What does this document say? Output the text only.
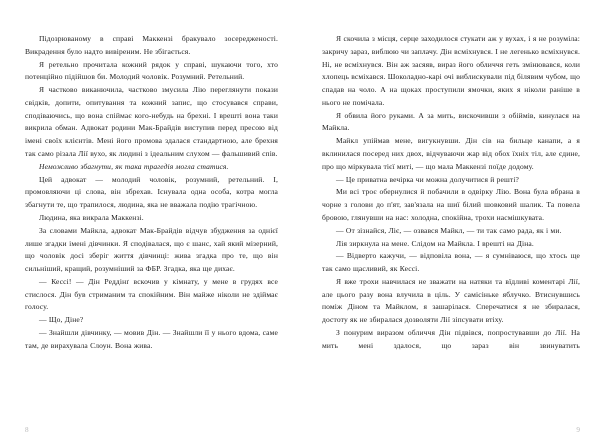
Підозрюваному в справі Маккензі бракувало зосередженості. Викрадення було надто вивіреним. Не збігається.

Я ретельно прочитала кожний рядок у справі, шукаючи того, хто потенційно підійшов би. Молодий чоловік. Розумний. Ретельний.

Я частково виканючила, частково змусила Лію переглянути покази свідків, допити, опитування та кожний запис, що стосувався справи, сподіваючись, що вона спіймає кого-небудь на брехні. І врешті вона таки викрила обман. Адвокат родини Мак-Брайдів виступив перед пресою від імені своїх клієнтів. Мені його промова здалася стандартною, але брехня так само різала Лії вухо, як людині з ідеальним слухом — фальшивий спів.

Неможливо збагнути, як така трагедія могла статися.

Цей адвокат — молодий чоловік, розумний, ретельний. І, промовляючи ці слова, він збрехав. Існувала одна особа, котра могла збагнути те, що трапилося, людина, яка не вважала подію трагічною.

Людина, яка викрала Маккензі.

За словами Майкла, адвокат Мак-Брайдів відчув збудження за однієї лише згадки імені дівчинки. Я сподівалася, що є шанс, хай який мізерний, що чоловік досі зберіг життя дівчинці: жива згадка про те, що він сильніший, кращий, розумніший за ФБР. Згадка, яка ще дихає.

— Кессі! — Дін Реддінґ вскочив у кімнату, у мене в грудях все стислося. Дін був стриманим та спокійним. Він майже ніколи не здіймає голосу.

— Що, Діне?

— Знайшли дівчинку, — мовив Дін. — Знайшли її у нього вдома, саме там, де вирахувала Слоун. Вона жива.

8

Я скочила з місця, серце заходилося стукати аж у вухах, і я не розуміла: закричу зараз, виблюю чи заплачу. Дін всміхнувся. І не легенько всміхнувся. Ні, не всміхнувся. Він аж засяяв, вираз його обличчя геть змінювався, коли хлопець всміхався. Шоколадно-карі очі виблискували під білявим чубом, що спадав на чоло. А на щоках проступили ямочки, яких я ніколи раніше в нього не помічала.

Я обвила його руками. А за мить, вискочивши з обіймів, кинулася на Майкла.

Майкл упіймав мене, вигукнувши. Дін сів на бильце канапи, а я вклинилася посеред них двох, відчуваючи жар від обох їхніх тіл, але єдине, про що міркувала тієї миті, — що мала Маккензі поїде додому.

— Це приватна вечірка чи можна долучитися й решті?

Ми всі троє обернулися й побачили в одвірку Лію. Вона була вбрана в чорне з голови до п'ят, зав'язала на шиї білий шовковий шалик. Та повела бровою, глянувши на нас: холодна, спокійна, трохи насмішкувата.

— От зізнайся, Ліє, — озвався Майкл, — ти так само рада, як і ми.

Лія зиркнула на мене. Слідом на Майкла. І врешті на Діна.

— Відверто кажучи, — відповіла вона, — я сумніваюся, що хтось ще так само щасливий, як Кессі.

Я вже трохи навчилася не зважати на натяки та вїдливі коментарі Лії, але цього разу вона влучила в ціль. У самісіньке яблучко. Втиснувшись поміж Діном та Майклом, я зашарілася. Сперечатися я не збиралася, достоту як не збиралася дозволяти Лії зіпсувати втіху.

З понурим виразом обличчя Дін підвівся, попростувавши до Лії. На мить мені здалося, що зараз він звинуватить

9
